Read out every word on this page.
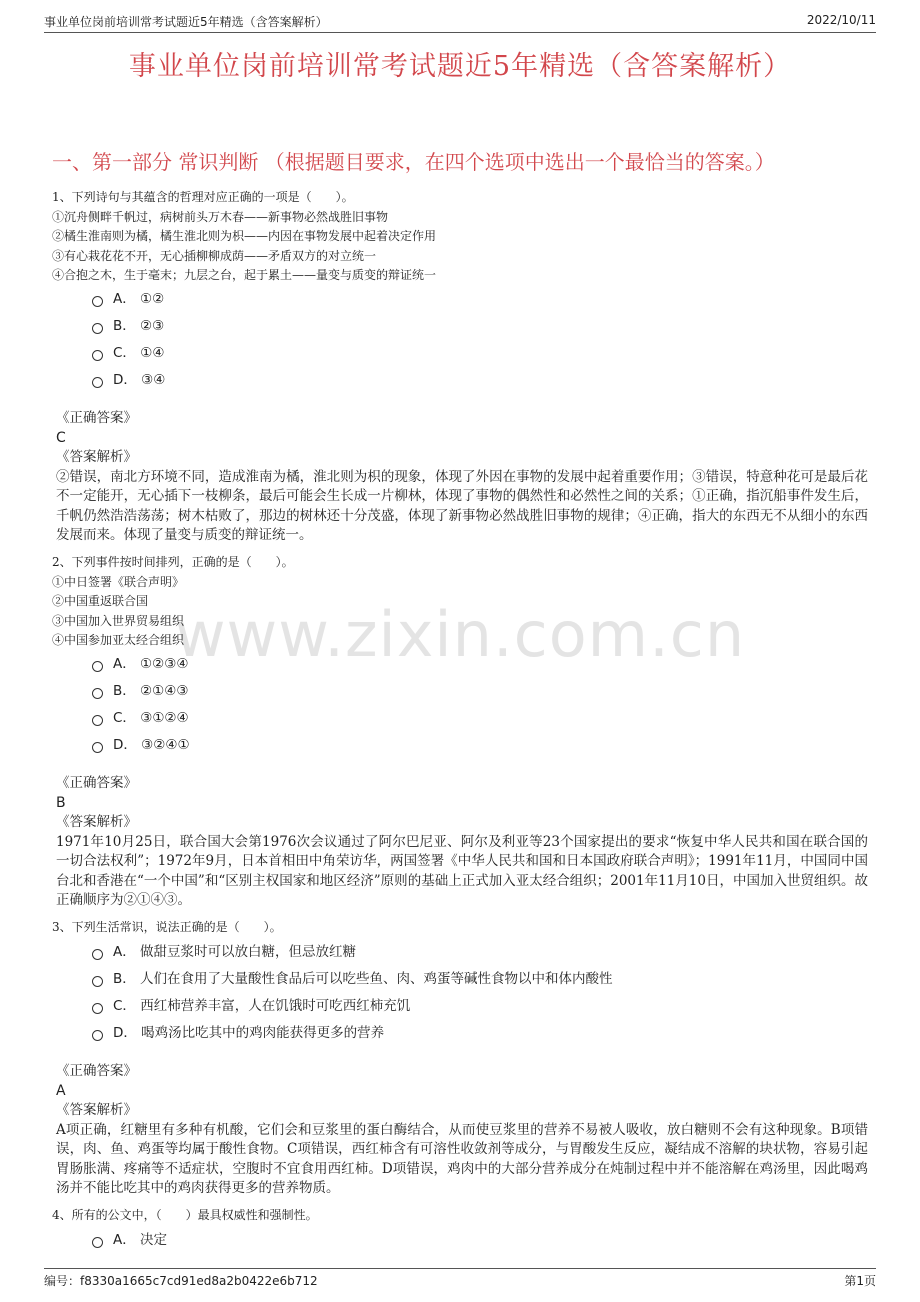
事业单位岗前培训常考试题近5年精选（含答案解析）	2022/10/11
事业单位岗前培训常考试题近5年精选（含答案解析）
一、第一部分 常识判断 （根据题目要求，在四个选项中选出一个最恰当的答案。）
www.zixin.com.cn
1、下列诗句与其蕴含的哲理对应正确的一项是（　　）。
①沉舟侧畔千帆过，病树前头万木春——新事物必然战胜旧事物
②橘生淮南则为橘，橘生淮北则为枳——内因在事物发展中起着决定作用
③有心栽花花不开，无心插柳柳成荫——矛盾双方的对立统一
④合抱之木，生于毫末；九层之台，起于累土——量变与质变的辩证统一
A． ①②
B． ②③
C． ①④
D． ③④
《正确答案》
C
《答案解析》

②错误，南北方环境不同，造成淮南为橘，淮北则为枳的现象，体现了外因在事物的发展中起着重要作用；③错误，特意种花可是最后花不一定能开，无心插下一枝柳条，最后可能会生长成一片柳林，体现了事物的偶然性和必然性之间的关系；①正确，指沉船事件发生后，千帆仍然浩浩荡荡；树木枯败了，那边的树林还十分茂盛，体现了新事物必然战胜旧事物的规律；④正确，指大的东西无不从细小的东西发展而来。体现了量变与质变的辩证统一。

2、下列事件按时间排列，正确的是（　　）。
①中日签署《联合声明》
②中国重返联合国
③中国加入世界贸易组织
④中国参加亚太经合组织
A． ①②③④
B． ②①④③
C． ③①②④
D． ③②④①
《正确答案》
B
《答案解析》

1971年10月25日，联合国大会第1976次会议通过了阿尔巴尼亚、阿尔及利亚等23个国家提出的要求“恢复中华人民共和国在联合国的一切合法权利”；1972年9月，日本首相田中角荣访华，两国签署《中华人民共和国和日本国政府联合声明》；1991年11月，中国同中国台北和香港在“一个中国”和“区别主权国家和地区经济”原则的基础上正式加入亚太经合组织；2001年11月10日，中国加入世贸组织。故正确顺序为②①④③。

3、下列生活常识，说法正确的是（　　）。
A． 做甜豆浆时可以放白糖，但忌放红糖
B． 人们在食用了大量酸性食品后可以吃些鱼、肉、鸡蛋等碱性食物以中和体内酸性
C． 西红柿营养丰富，人在饥饿时可吃西红柿充饥
D． 喝鸡汤比吃其中的鸡肉能获得更多的营养
《正确答案》
A
《答案解析》

A项正确，红糖里有多种有机酸，它们会和豆浆里的蛋白酶结合，从而使豆浆里的营养不易被人吸收，放白糖则不会有这种现象。B项错误，肉、鱼、鸡蛋等均属于酸性食物。C项错误，西红柿含有可溶性收敛剂等成分，与胃酸发生反应，凝结成不溶解的块状物，容易引起胃肠胀满、疼痛等不适症状，空腹时不宜食用西红柿。D项错误，鸡肉中的大部分营养成分在炖制过程中并不能溶解在鸡汤里，因此喝鸡汤并不能比吃其中的鸡肉获得更多的营养物质。

4、所有的公文中，（　　）最具权威性和强制性。
A． 决定
编号：f8330a1665c7cd91ed8a2b0422e6b712	第1页
